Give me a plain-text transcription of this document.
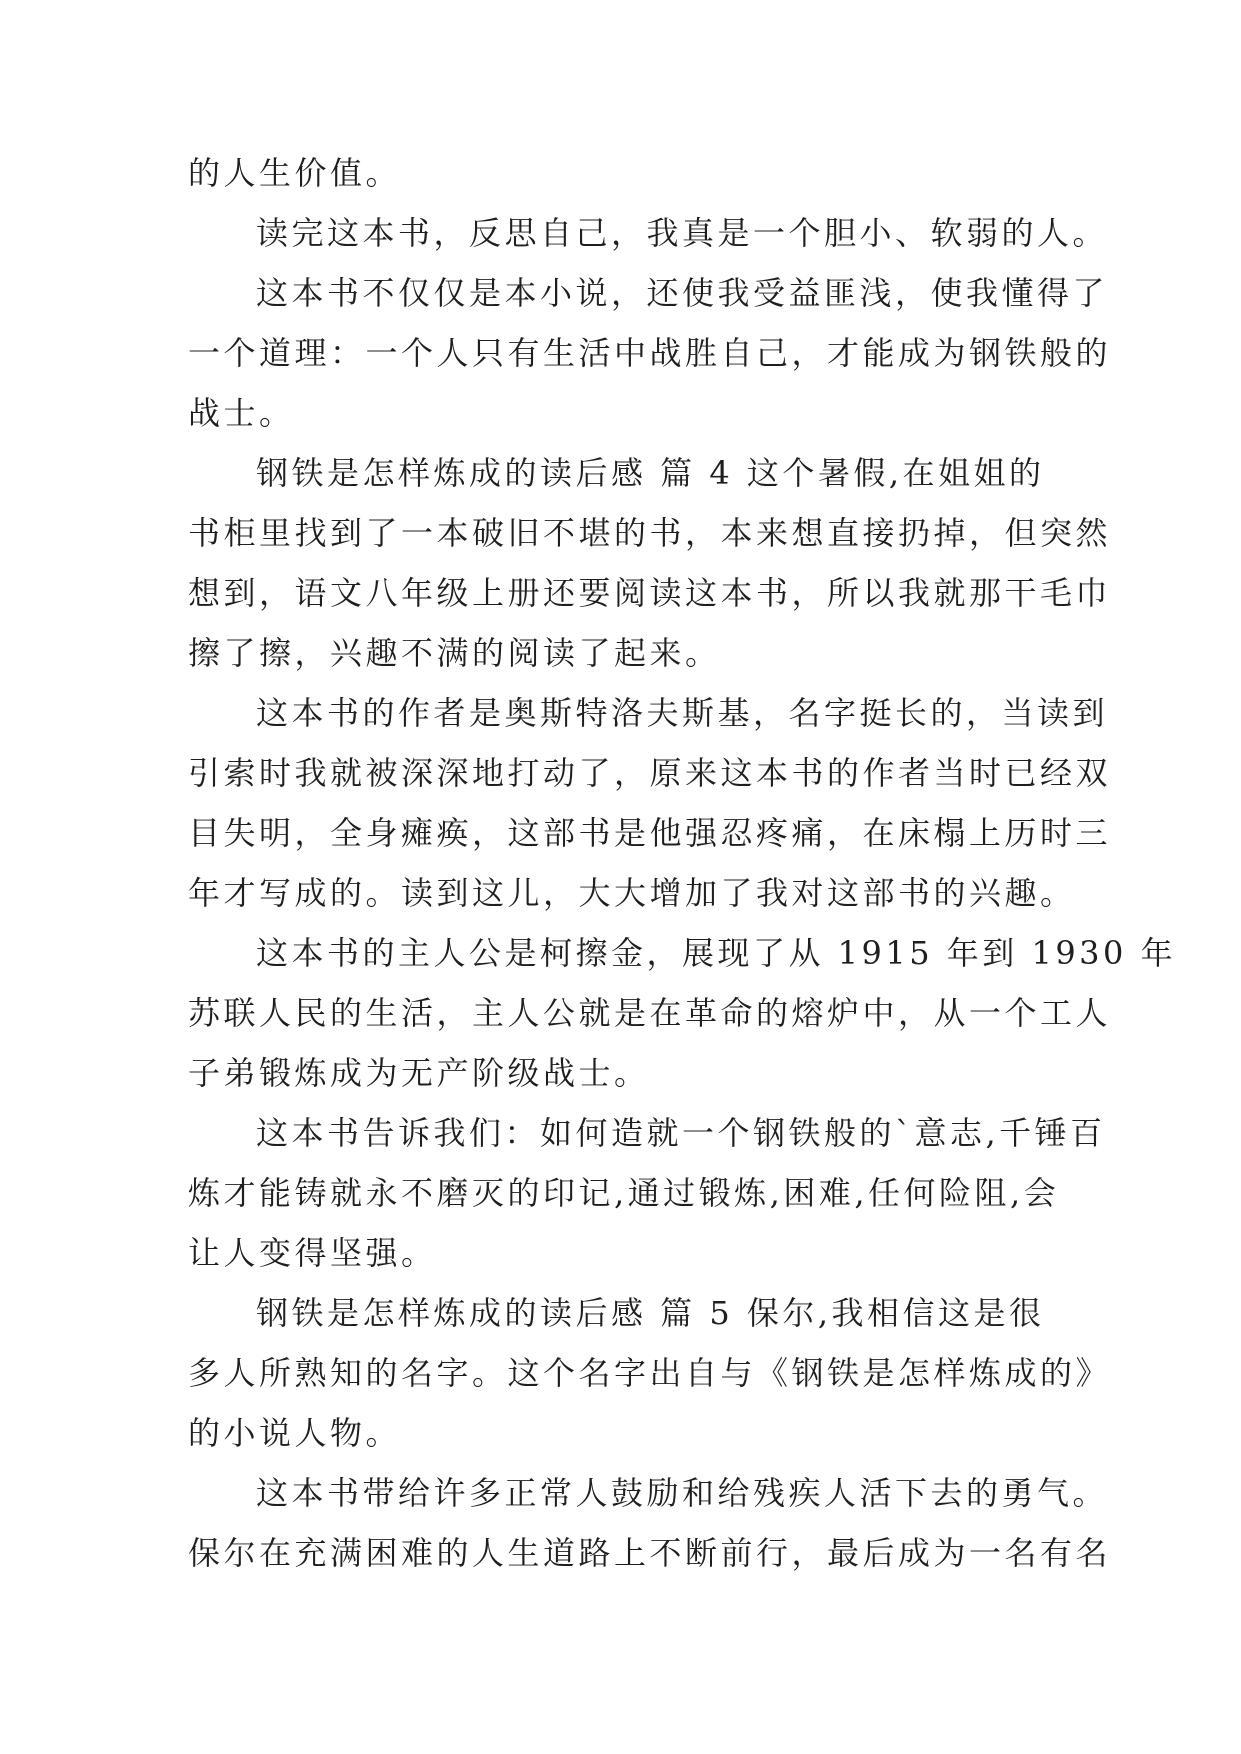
的人生价值。

读完这本书，反思自己，我真是一个胆小、软弱的人。

这本书不仅仅是本小说，还使我受益匪浅，使我懂得了

一个道理：一个人只有生活中战胜自己，才能成为钢铁般的

战士。

钢铁是怎样炼成的读后感 篇 4 这个暑假,在姐姐的

书柜里找到了一本破旧不堪的书，本来想直接扔掉，但突然

想到，语文八年级上册还要阅读这本书，所以我就那干毛巾

擦了擦，兴趣不满的阅读了起来。

这本书的作者是奥斯特洛夫斯基，名字挺长的，当读到

引索时我就被深深地打动了，原来这本书的作者当时已经双

目失明，全身瘫痪，这部书是他强忍疼痛，在床榻上历时三

年才写成的。读到这儿，大大增加了我对这部书的兴趣。

这本书的主人公是柯擦金，展现了从 1915 年到 1930 年

苏联人民的生活，主人公就是在革命的熔炉中，从一个工人

子弟锻炼成为无产阶级战士。

这本书告诉我们：如何造就一个钢铁般的`意志,千锤百

炼才能铸就永不磨灭的印记,通过锻炼,困难,任何险阻,会

让人变得坚强。

钢铁是怎样炼成的读后感 篇 5 保尔,我相信这是很

多人所熟知的名字。这个名字出自与《钢铁是怎样炼成的》

的小说人物。

这本书带给许多正常人鼓励和给残疾人活下去的勇气。

保尔在充满困难的人生道路上不断前行，最后成为一名有名
